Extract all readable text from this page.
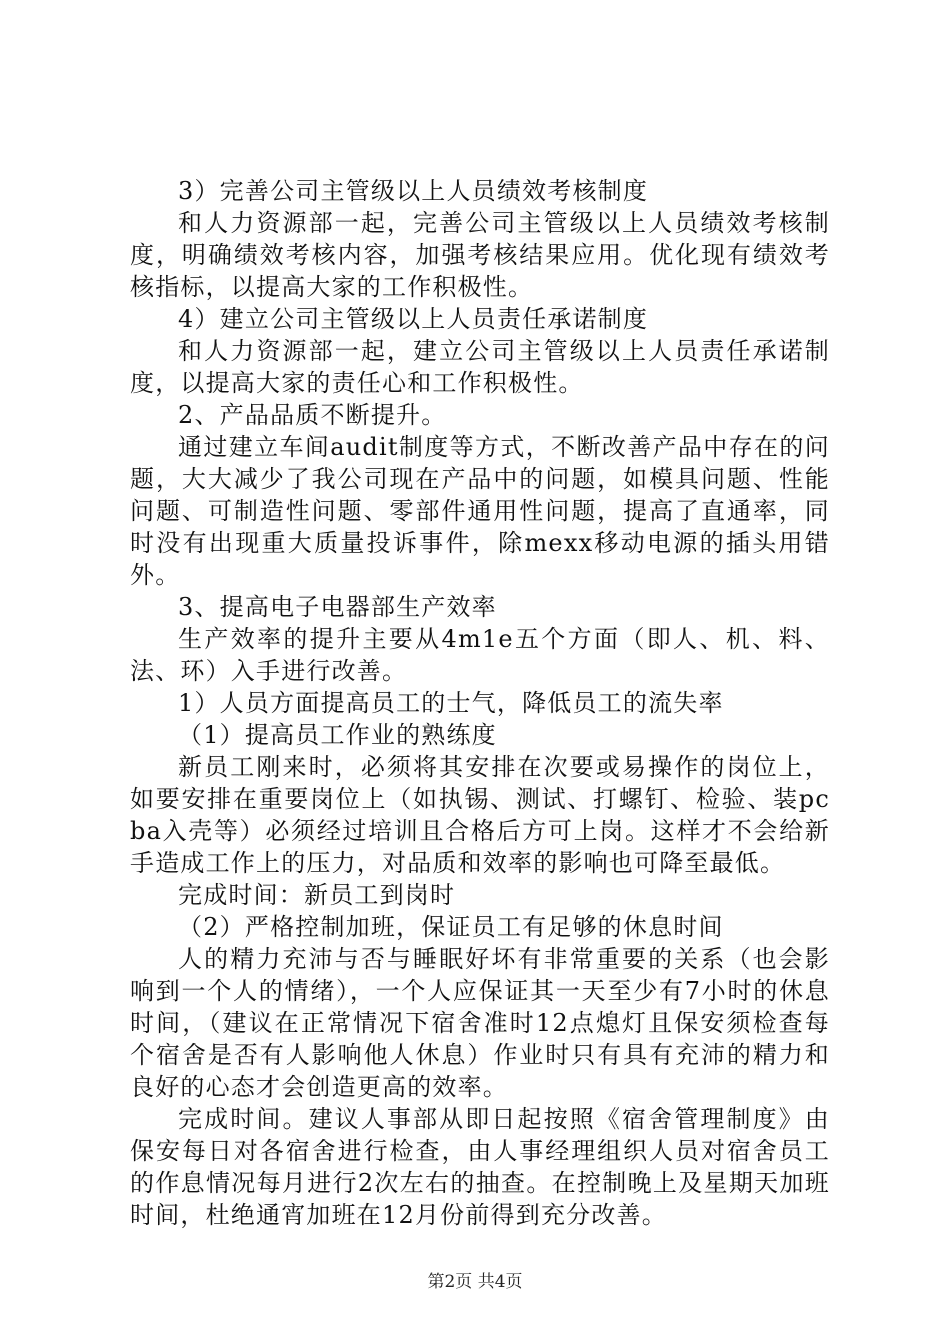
3）完善公司主管级以上人员绩效考核制度

和人力资源部一起，完善公司主管级以上人员绩效考核制度，明确绩效考核内容，加强考核结果应用。优化现有绩效考核指标，以提高大家的工作积极性。

4）建立公司主管级以上人员责任承诺制度

和人力资源部一起，建立公司主管级以上人员责任承诺制度，以提高大家的责任心和工作积极性。

2、产品品质不断提升。

通过建立车间audit制度等方式，不断改善产品中存在的问题，大大减少了我公司现在产品中的问题，如模具问题、性能问题、可制造性问题、零部件通用性问题，提高了直通率，同时没有出现重大质量投诉事件，除mexx移动电源的插头用错外。

3、提高电子电器部生产效率

生产效率的提升主要从4m1e五个方面（即人、机、料、法、环）入手进行改善。

1）人员方面提高员工的士气，降低员工的流失率

（1）提高员工作业的熟练度

新员工刚来时，必须将其安排在次要或易操作的岗位上，如要安排在重要岗位上（如执锡、测试、打螺钉、检验、装pcba入壳等）必须经过培训且合格后方可上岗。这样才不会给新手造成工作上的压力，对品质和效率的影响也可降至最低。

完成时间：新员工到岗时

（2）严格控制加班，保证员工有足够的休息时间

人的精力充沛与否与睡眠好坏有非常重要的关系（也会影响到一个人的情绪），一个人应保证其一天至少有7小时的休息时间，（建议在正常情况下宿舍准时12点熄灯且保安须检查每个宿舍是否有人影响他人休息）作业时只有具有充沛的精力和良好的心态才会创造更高的效率。

完成时间。建议人事部从即日起按照《宿舍管理制度》由保安每日对各宿舍进行检查，由人事经理组织人员对宿舍员工的作息情况每月进行2次左右的抽查。在控制晚上及星期天加班时间，杜绝通宵加班在12月份前得到充分改善。

第2页 共4页
